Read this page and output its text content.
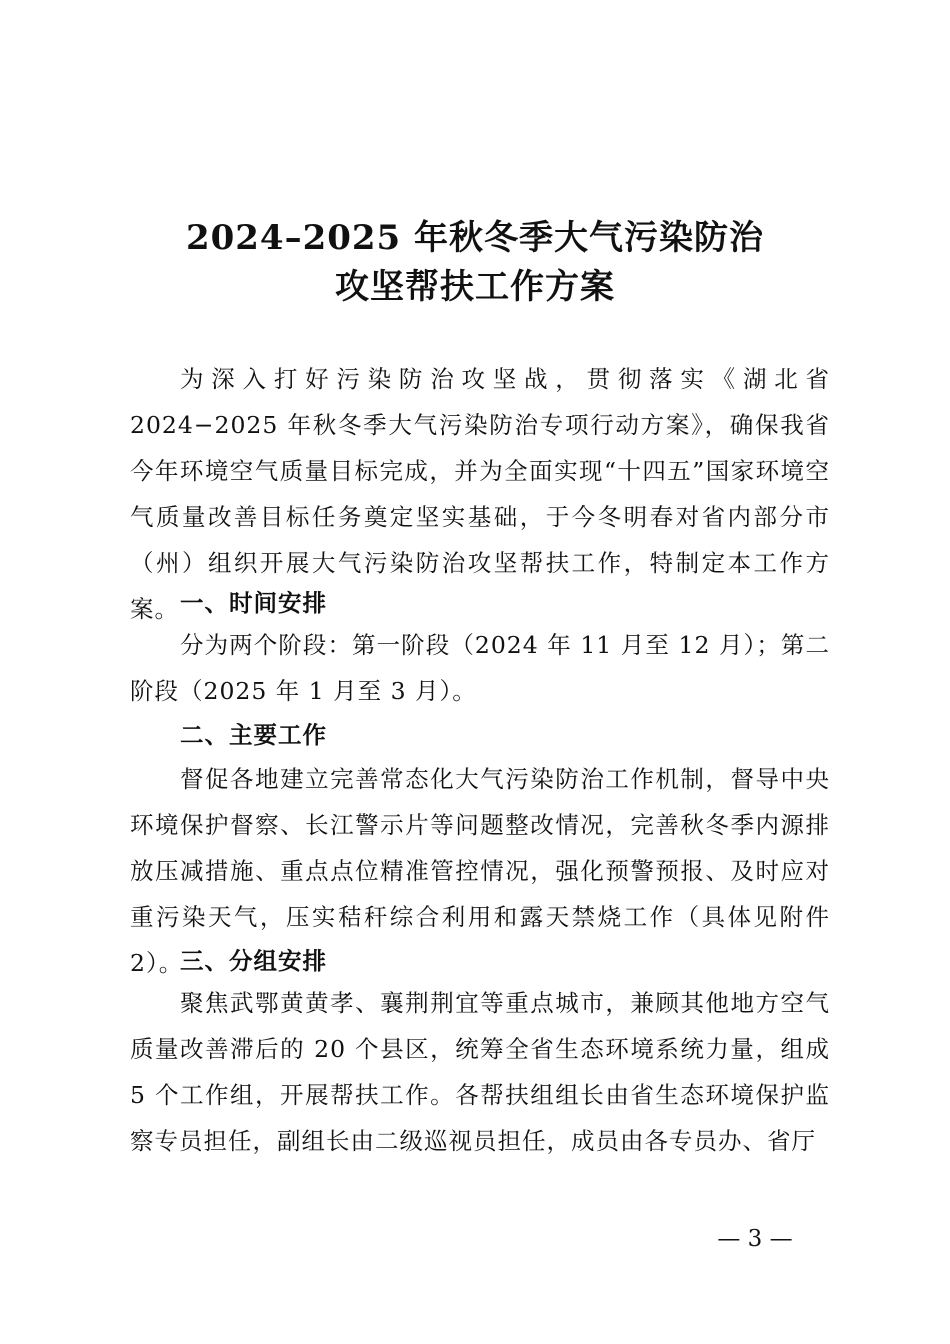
2024–2025 年秋冬季大气污染防治
攻坚帮扶工作方案

为深入打好污染防治攻坚战，贯彻落实《湖北省 2024−2025 年秋冬季大气污染防治专项行动方案》，确保我省今年环境空气质量目标完成，并为全面实现“十四五”国家环境空气质量改善目标任务奠定坚实基础，于今冬明春对省内部分市（州）组织开展大气污染防治攻坚帮扶工作，特制定本工作方案。 一、时间安排

分为两个阶段：第一阶段（2024 年 11 月至 12 月）；第二阶段（2025 年 1 月至 3 月）。

二、主要工作

督促各地建立完善常态化大气污染防治工作机制，督导中央环境保护督察、长江警示片等问题整改情况，完善秋冬季内源排放压减措施、重点点位精准管控情况，强化预警预报、及时应对重污染天气，压实秸秆综合利用和露天禁烧工作（具体见附件 2）。

三、分组安排

聚焦武鄂黄黄孝、襄荆荆宜等重点城市，兼顾其他地方空气质量改善滞后的 20 个县区，统筹全省生态环境系统力量，组成 5 个工作组，开展帮扶工作。各帮扶组组长由省生态环境保护监察专员担任，副组长由二级巡视员担任，成员由各专员办、省厅

— 3 —
